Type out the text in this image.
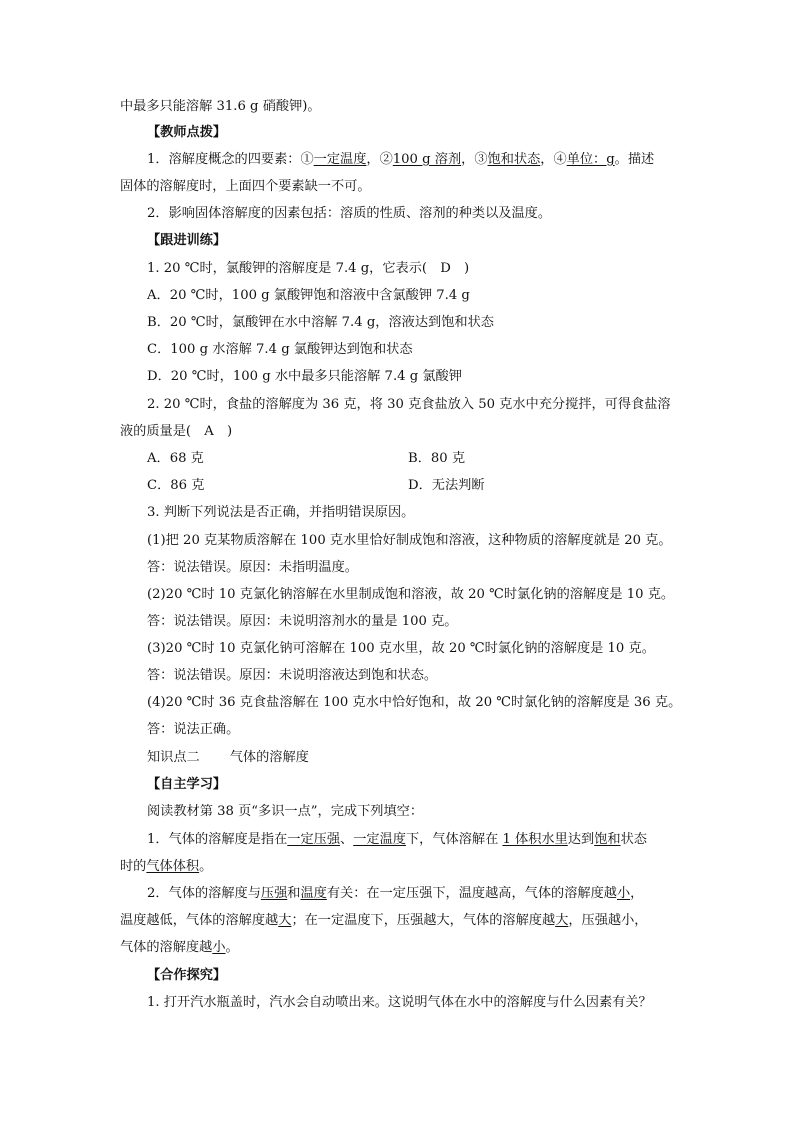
中最多只能溶解 31.6 g 硝酸钾)。
【教师点拨】
1．溶解度概念的四要素：①一定温度，②100 g 溶剂，③饱和状态，④单位：g。描述
固体的溶解度时，上面四个要素缺一不可。
2．影响固体溶解度的因素包括：溶质的性质、溶剂的种类以及温度。
【跟进训练】
1. 20 ℃时，氯酸钾的溶解度是 7.4 g，它表示(　D　)
A．20 ℃时，100 g 氯酸钾饱和溶液中含氯酸钾 7.4 g
B．20 ℃时，氯酸钾在水中溶解 7.4 g，溶液达到饱和状态
C．100 g 水溶解 7.4 g 氯酸钾达到饱和状态
D．20 ℃时，100 g 水中最多只能溶解 7.4 g 氯酸钾
2. 20 ℃时，食盐的溶解度为 36 克，将 30 克食盐放入 50 克水中充分搅拌，可得食盐溶
液的质量是(　A　)
A．68 克	B．80 克
C．86 克	D．无法判断
3. 判断下列说法是否正确，并指明错误原因。
(1)把 20 克某物质溶解在 100 克水里恰好制成饱和溶液，这种物质的溶解度就是 20 克。
答：说法错误。原因：未指明温度。
(2)20 ℃时 10 克氯化钠溶解在水里制成饱和溶液，故 20 ℃时氯化钠的溶解度是 10 克。
答：说法错误。原因：未说明溶剂水的量是 100 克。
(3)20 ℃时 10 克氯化钠可溶解在 100 克水里，故 20 ℃时氯化钠的溶解度是 10 克。
答：说法错误。原因：未说明溶液达到饱和状态。
(4)20 ℃时 36 克食盐溶解在 100 克水中恰好饱和，故 20 ℃时氯化钠的溶解度是 36 克。
答：说法正确。
知识点二 气体的溶解度
【自主学习】
阅读教材第 38 页“多识一点”，完成下列填空：
1．气体的溶解度是指在一定压强、一定温度下，气体溶解在 1 体积水里达到饱和状态
时的气体体积。
2．气体的溶解度与压强和温度有关：在一定压强下，温度越高，气体的溶解度越小，
温度越低，气体的溶解度越大；在一定温度下，压强越大，气体的溶解度越大，压强越小，
气体的溶解度越小。
【合作探究】
1. 打开汽水瓶盖时，汽水会自动喷出来。这说明气体在水中的溶解度与什么因素有关？
